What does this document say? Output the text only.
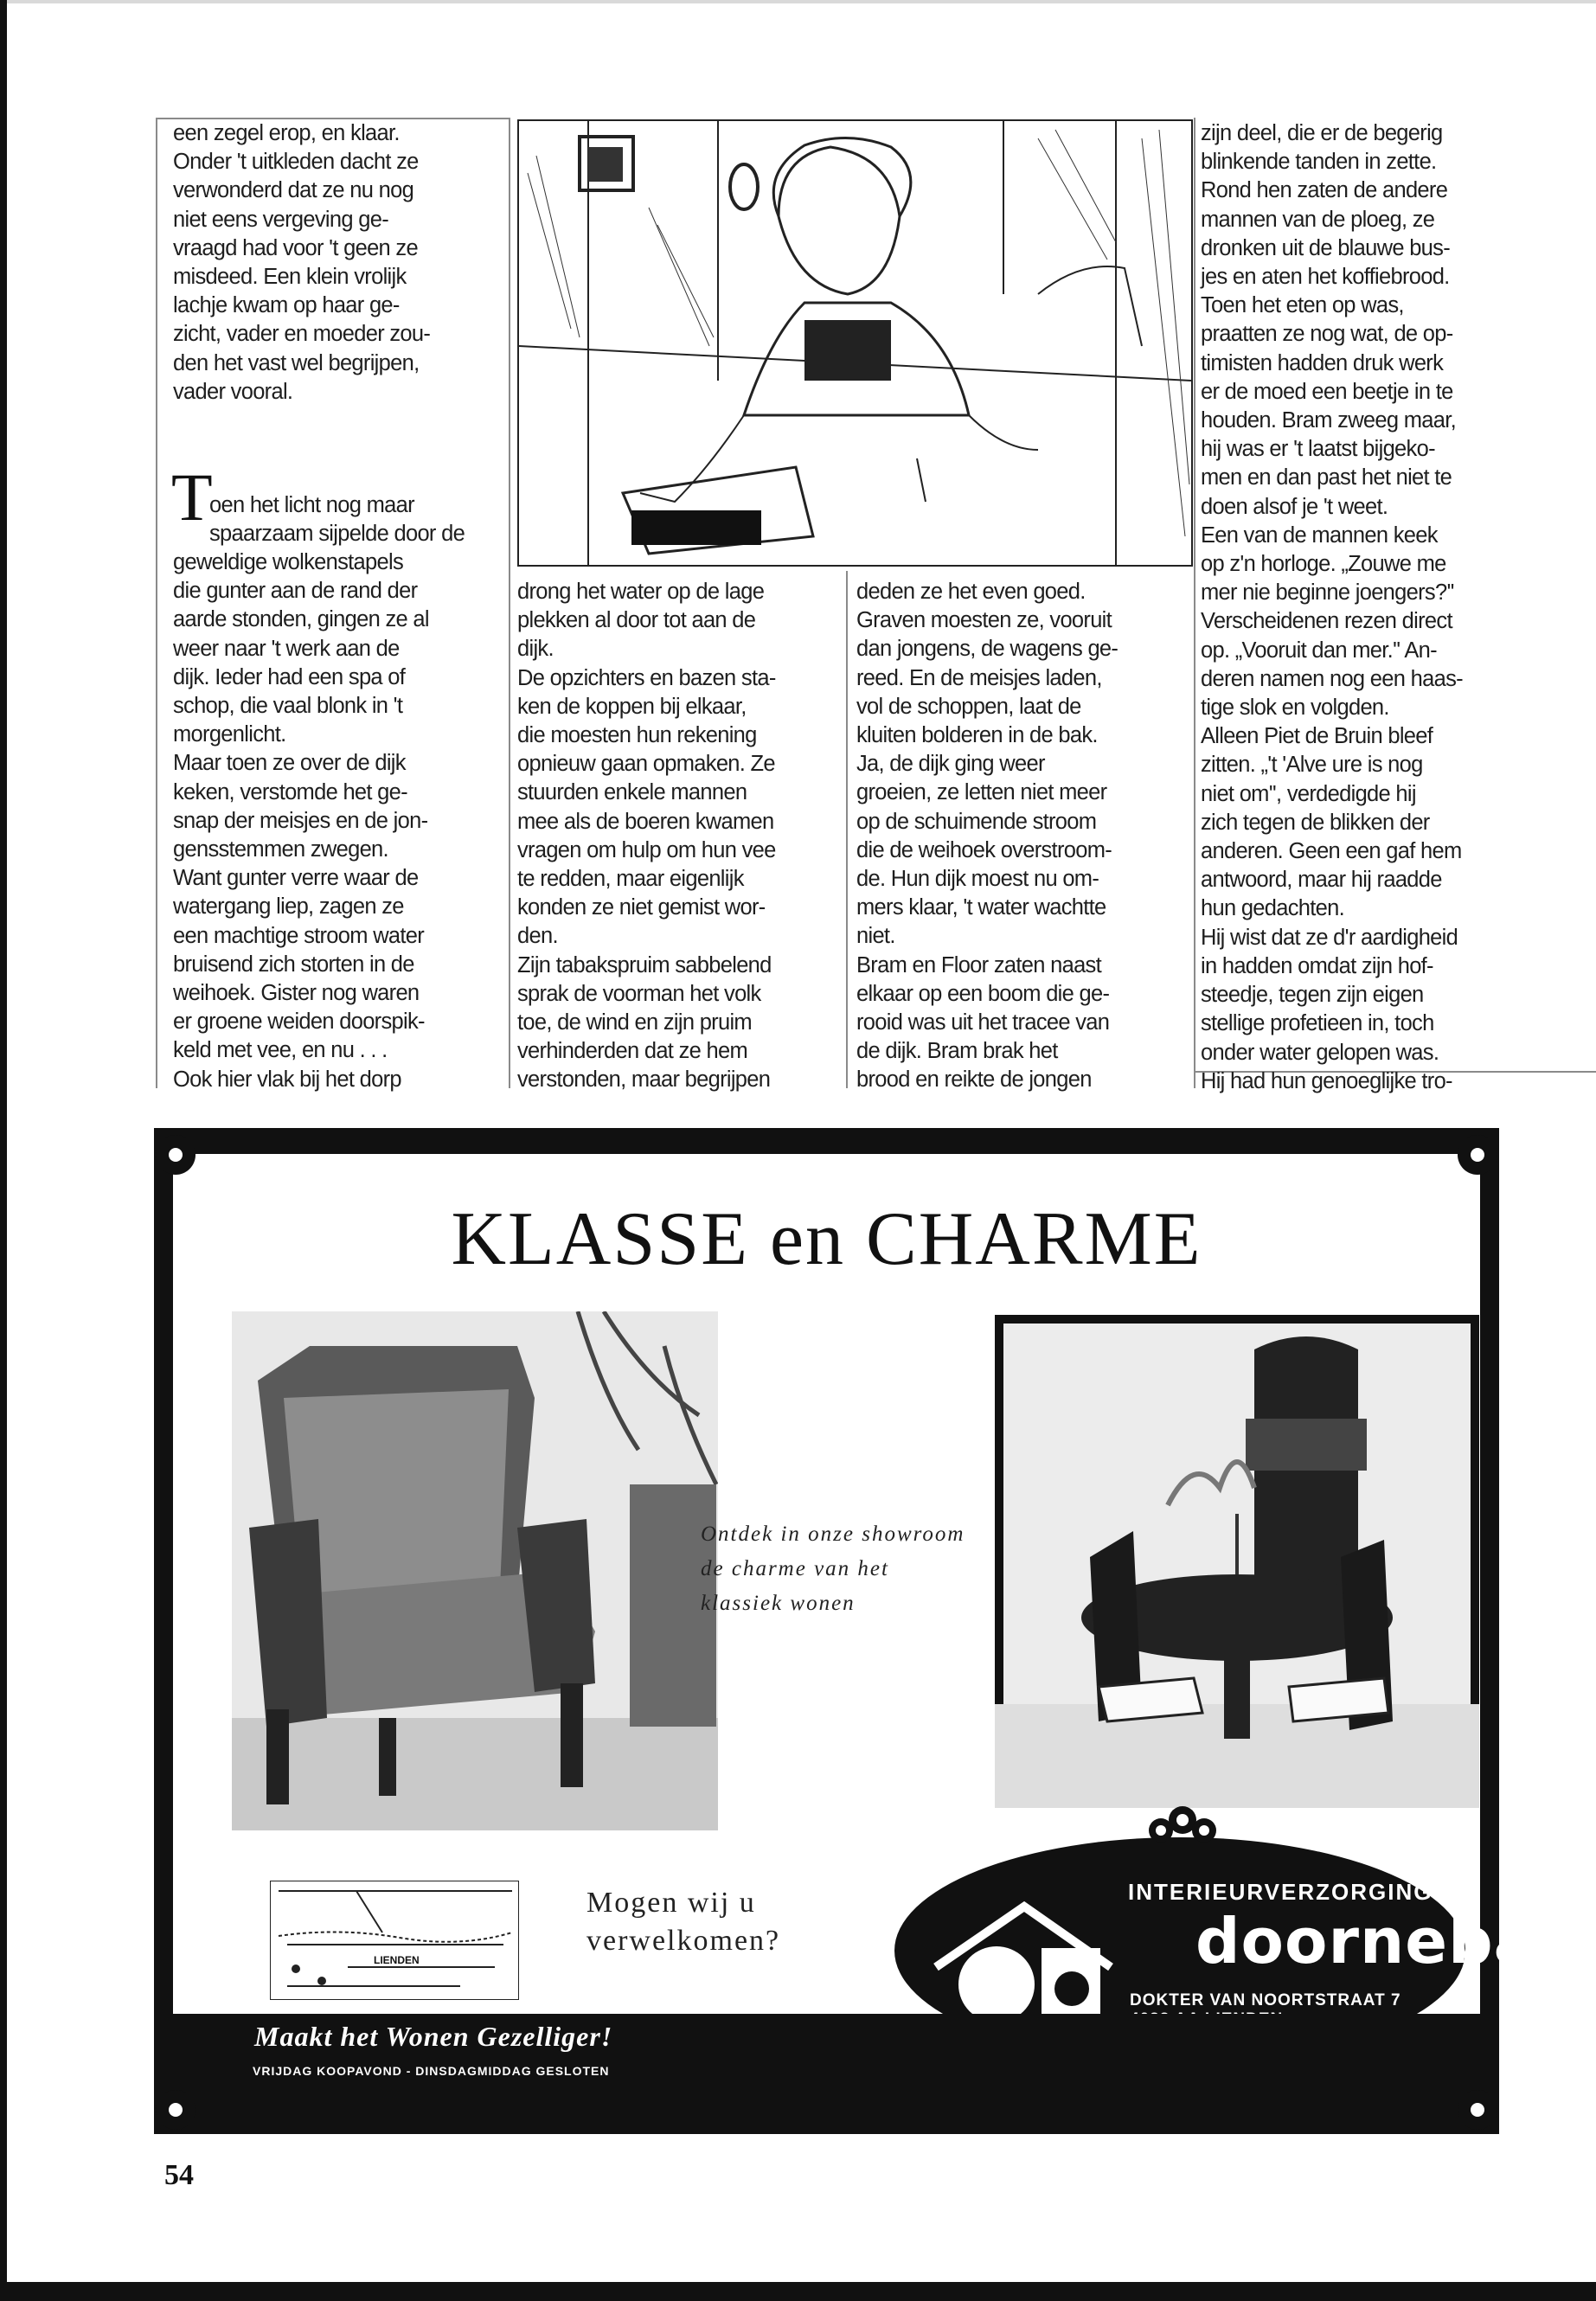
een zegel erop, en klaar.
Onder 't uitkleden dacht ze
verwonderd dat ze nu nog
niet eens vergeving ge-
vraagd had voor 't geen ze
misdeed. Een klein vrolijk
lachje kwam op haar ge-
zicht, vader en moeder zou-
den het vast wel begrijpen,
vader vooral.
T
oen het licht nog maar
spaarzaam sijpelde door de
geweldige wolkenstapels
die gunter aan de rand der
aarde stonden, gingen ze al
weer naar 't werk aan de
dijk. Ieder had een spa of
schop, die vaal blonk in 't
morgenlicht.
Maar toen ze over de dijk
keken, verstomde het ge-
snap der meisjes en de jon-
gensstemmen zwegen.
Want gunter verre waar de
watergang liep, zagen ze
een machtige stroom water
bruisend zich storten in de
weihoek. Gister nog waren
er groene weiden doorspik-
keld met vee, en nu . . .
Ook hier vlak bij het dorp
drong het water op de lage
plekken al door tot aan de
dijk.
De opzichters en bazen sta-
ken de koppen bij elkaar,
die moesten hun rekening
opnieuw gaan opmaken. Ze
stuurden enkele mannen
mee als de boeren kwamen
vragen om hulp om hun vee
te redden, maar eigenlijk
konden ze niet gemist wor-
den.
Zijn tabakspruim sabbelend
sprak de voorman het volk
toe, de wind en zijn pruim
verhinderden dat ze hem
verstonden, maar begrijpen
deden ze het even goed.
Graven moesten ze, vooruit
dan jongens, de wagens ge-
reed. En de meisjes laden,
vol de schoppen, laat de
kluiten bolderen in de bak.
Ja, de dijk ging weer
groeien, ze letten niet meer
op de schuimende stroom
die de weihoek overstroom-
de. Hun dijk moest nu om-
mers klaar, 't water wachtte
niet.
Bram en Floor zaten naast
elkaar op een boom die ge-
rooid was uit het tracee van
de dijk. Bram brak het
brood en reikte de jongen
zijn deel, die er de begerig
blinkende tanden in zette.
Rond hen zaten de andere
mannen van de ploeg, ze
dronken uit de blauwe bus-
jes en aten het koffiebrood.
Toen het eten op was,
praatten ze nog wat, de op-
timisten hadden druk werk
er de moed een beetje in te
houden. Bram zweeg maar,
hij was er 't laatst bijgeko-
men en dan past het niet te
doen alsof je 't weet.
Een van de mannen keek
op z'n horloge. „Zouwe me
mer nie beginne joengers?''
Verscheidenen rezen direct
op. „Vooruit dan mer.'' An-
deren namen nog een haas-
tige slok en volgden.
Alleen Piet de Bruin bleef
zitten. „'t 'Alve ure is nog
niet om'', verdedigde hij
zich tegen de blikken der
anderen. Geen een gaf hem
antwoord, maar hij raadde
hun gedachten.
Hij wist dat ze d'r aardigheid
in hadden omdat zijn hof-
steedje, tegen zijn eigen
stellige profetieen in, toch
onder water gelopen was.
Hij had hun genoeglijke tro-
KLASSE en CHARME
Ontdek in onze showroom
de charme van het
klassiek wonen
LIENDEN
Mogen wij u
verwelkomen?
INTERIEURVERZORGING
doornebal
DOKTER VAN NOORTSTRAAT 7

Maakt het Wonen Gezelliger!
VRIJDAG KOOPAVOND - DINSDAGMIDDAG GESLOTEN
54
